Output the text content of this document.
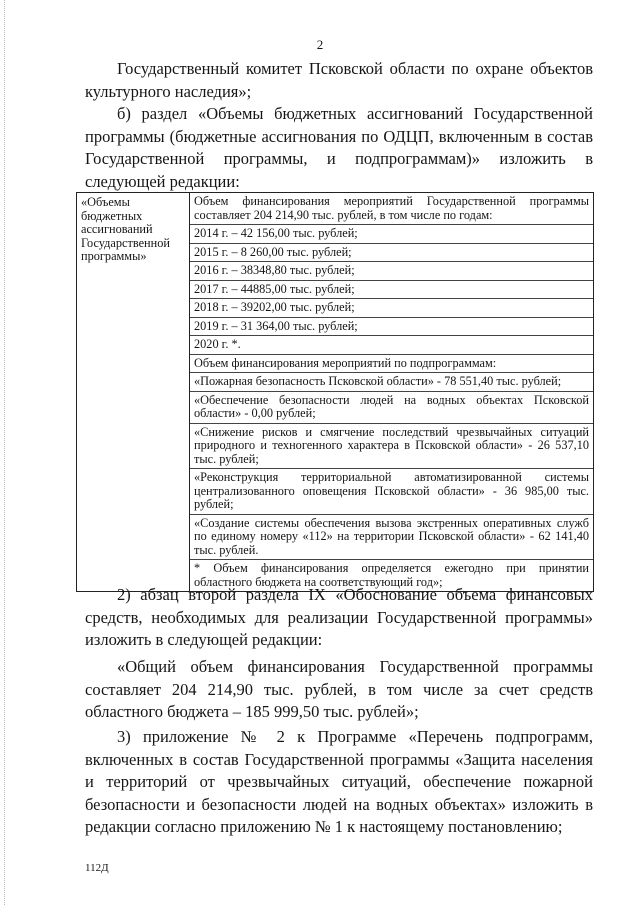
2

Государственный комитет Псковской области по охране объектов культурного наследия»;

б) раздел «Объемы бюджетных ассигнований Государственной программы (бюджетные ассигнования по ОДЦП, включенным в состав Государственной программы, и подпрограммам)» изложить в следующей редакции:

«Объемы бюджетных ассигнований Государственной программы»	
Объем финансирования мероприятий Государственной программы составляет 204 214,90 тыс. рублей, в том числе по годам:
2014 г. – 42 156,00 тыс. рублей;
2015 г. – 8 260,00 тыс. рублей;
2016 г. – 38348,80 тыс. рублей;
2017 г. – 44885,00 тыс. рублей;
2018 г. – 39202,00 тыс. рублей;
2019 г. – 31 364,00 тыс. рублей;
2020 г. *.
Объем финансирования мероприятий по подпрограммам:
«Пожарная безопасность Псковской области» - 78 551,40 тыс. рублей;
«Обеспечение безопасности людей на водных объектах Псковской области» - 0,00 рублей;
«Снижение рисков и смягчение последствий чрезвычайных ситуаций природного и техногенного характера в Псковской области» - 26 537,10 тыс. рублей;
«Реконструкция территориальной автоматизированной системы централизованного оповещения Псковской области» - 36 985,00 тыс. рублей;
«Создание системы обеспечения вызова экстренных оперативных служб по единому номеру «112» на территории Псковской области» - 62 141,40 тыс. рублей.
* Объем финансирования определяется ежегодно при принятии областного бюджета на соответствующий год»;

2) абзац второй раздела IX «Обоснование объема финансовых средств, необходимых для реализации Государственной программы» изложить в следующей редакции:

«Общий объем финансирования Государственной программы составляет 204 214,90 тыс. рублей, в том числе за счет средств областного бюджета – 185 999,50 тыс. рублей»;

3) приложение № 2 к Программе «Перечень подпрограмм, включенных в состав Государственной программы «Защита населения и территорий от чрезвычайных ситуаций, обеспечение пожарной безопасности и безопасности людей на водных объектах» изложить в редакции согласно приложению № 1 к настоящему постановлению;

112Д
